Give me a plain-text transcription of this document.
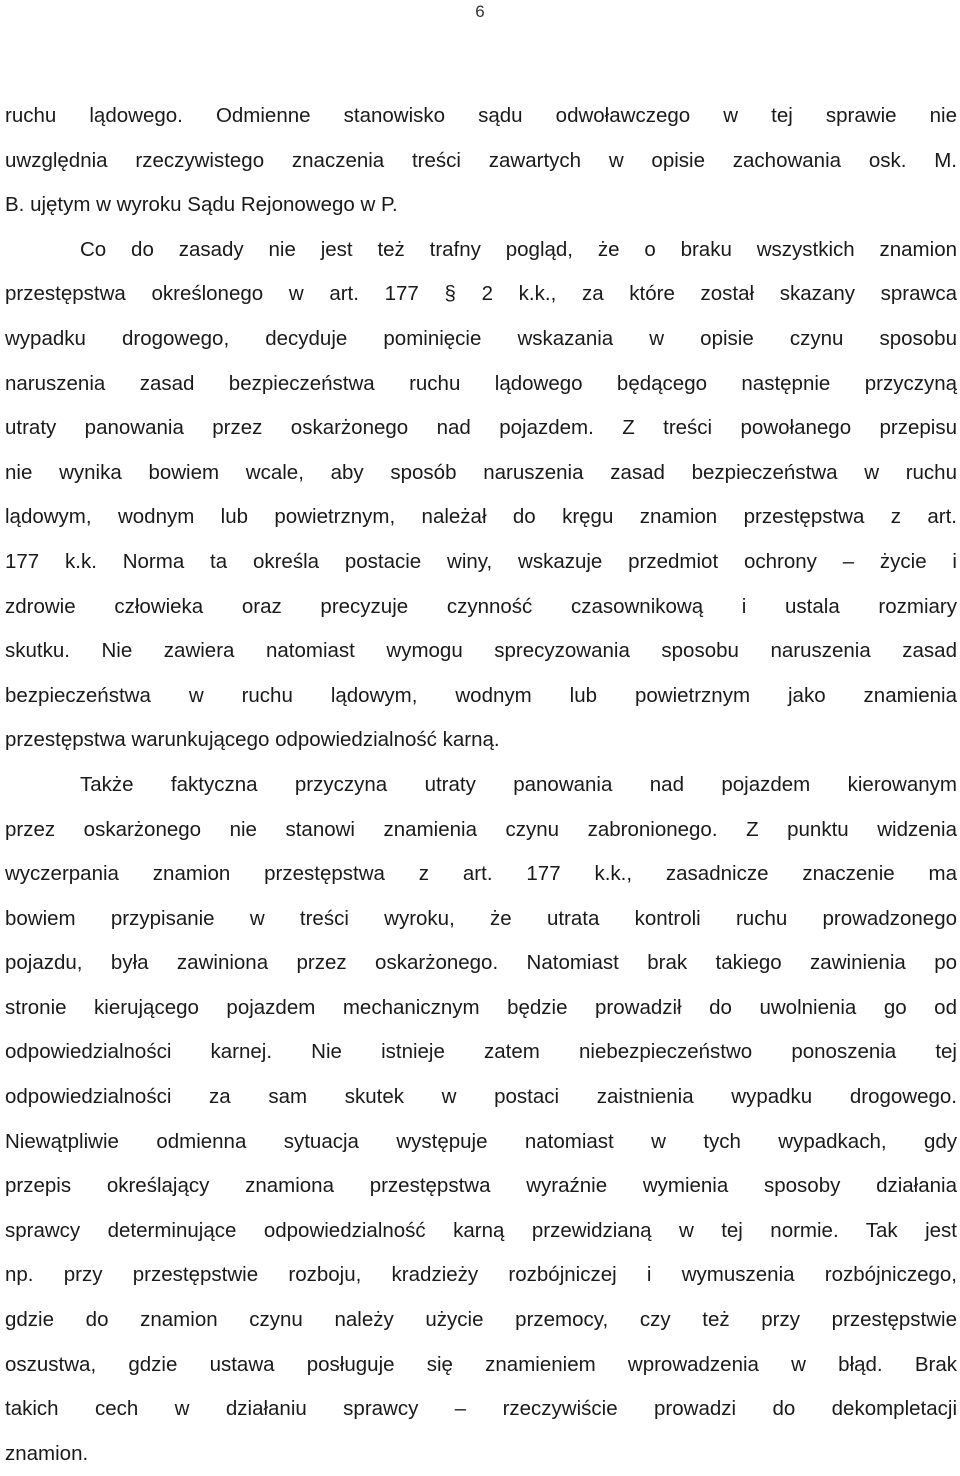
6
ruchu lądowego. Odmienne stanowisko sądu odwoławczego w tej sprawie nie
uwzględnia rzeczywistego znaczenia treści zawartych w opisie zachowania osk. M.
B. ujętym w wyroku Sądu Rejonowego w P.
Co do zasady nie jest też trafny pogląd, że o braku wszystkich znamion
przestępstwa określonego w art. 177 § 2 k.k., za które został skazany sprawca
wypadku drogowego, decyduje pominięcie wskazania w opisie czynu sposobu
naruszenia zasad bezpieczeństwa ruchu lądowego będącego następnie przyczyną
utraty panowania przez oskarżonego nad pojazdem. Z treści powołanego przepisu
nie wynika bowiem wcale, aby sposób naruszenia zasad bezpieczeństwa w ruchu
lądowym, wodnym lub powietrznym, należał do kręgu znamion przestępstwa z art.
177 k.k. Norma ta określa postacie winy, wskazuje przedmiot ochrony – życie i
zdrowie człowieka oraz precyzuje czynność czasownikową i ustala rozmiary
skutku. Nie zawiera natomiast wymogu sprecyzowania sposobu naruszenia zasad
bezpieczeństwa w ruchu lądowym, wodnym lub powietrznym jako znamienia
przestępstwa warunkującego odpowiedzialność karną.
Także faktyczna przyczyna utraty panowania nad pojazdem kierowanym
przez oskarżonego nie stanowi znamienia czynu zabronionego. Z punktu widzenia
wyczerpania znamion przestępstwa z art. 177 k.k., zasadnicze znaczenie ma
bowiem przypisanie w treści wyroku, że utrata kontroli ruchu prowadzonego
pojazdu, była zawiniona przez oskarżonego. Natomiast brak takiego zawinienia po
stronie kierującego pojazdem mechanicznym będzie prowadził do uwolnienia go od
odpowiedzialności karnej. Nie istnieje zatem niebezpieczeństwo ponoszenia tej
odpowiedzialności za sam skutek w postaci zaistnienia wypadku drogowego.
Niewątpliwie odmienna sytuacja występuje natomiast w tych wypadkach, gdy
przepis określający znamiona przestępstwa wyraźnie wymienia sposoby działania
sprawcy determinujące odpowiedzialność karną przewidzianą w tej normie. Tak jest
np. przy przestępstwie rozboju, kradzieży rozbójniczej i wymuszenia rozbójniczego,
gdzie do znamion czynu należy użycie przemocy, czy też przy przestępstwie
oszustwa, gdzie ustawa posługuje się znamieniem wprowadzenia w błąd. Brak
takich cech w działaniu sprawcy – rzeczywiście prowadzi do dekompletacji
znamion.
